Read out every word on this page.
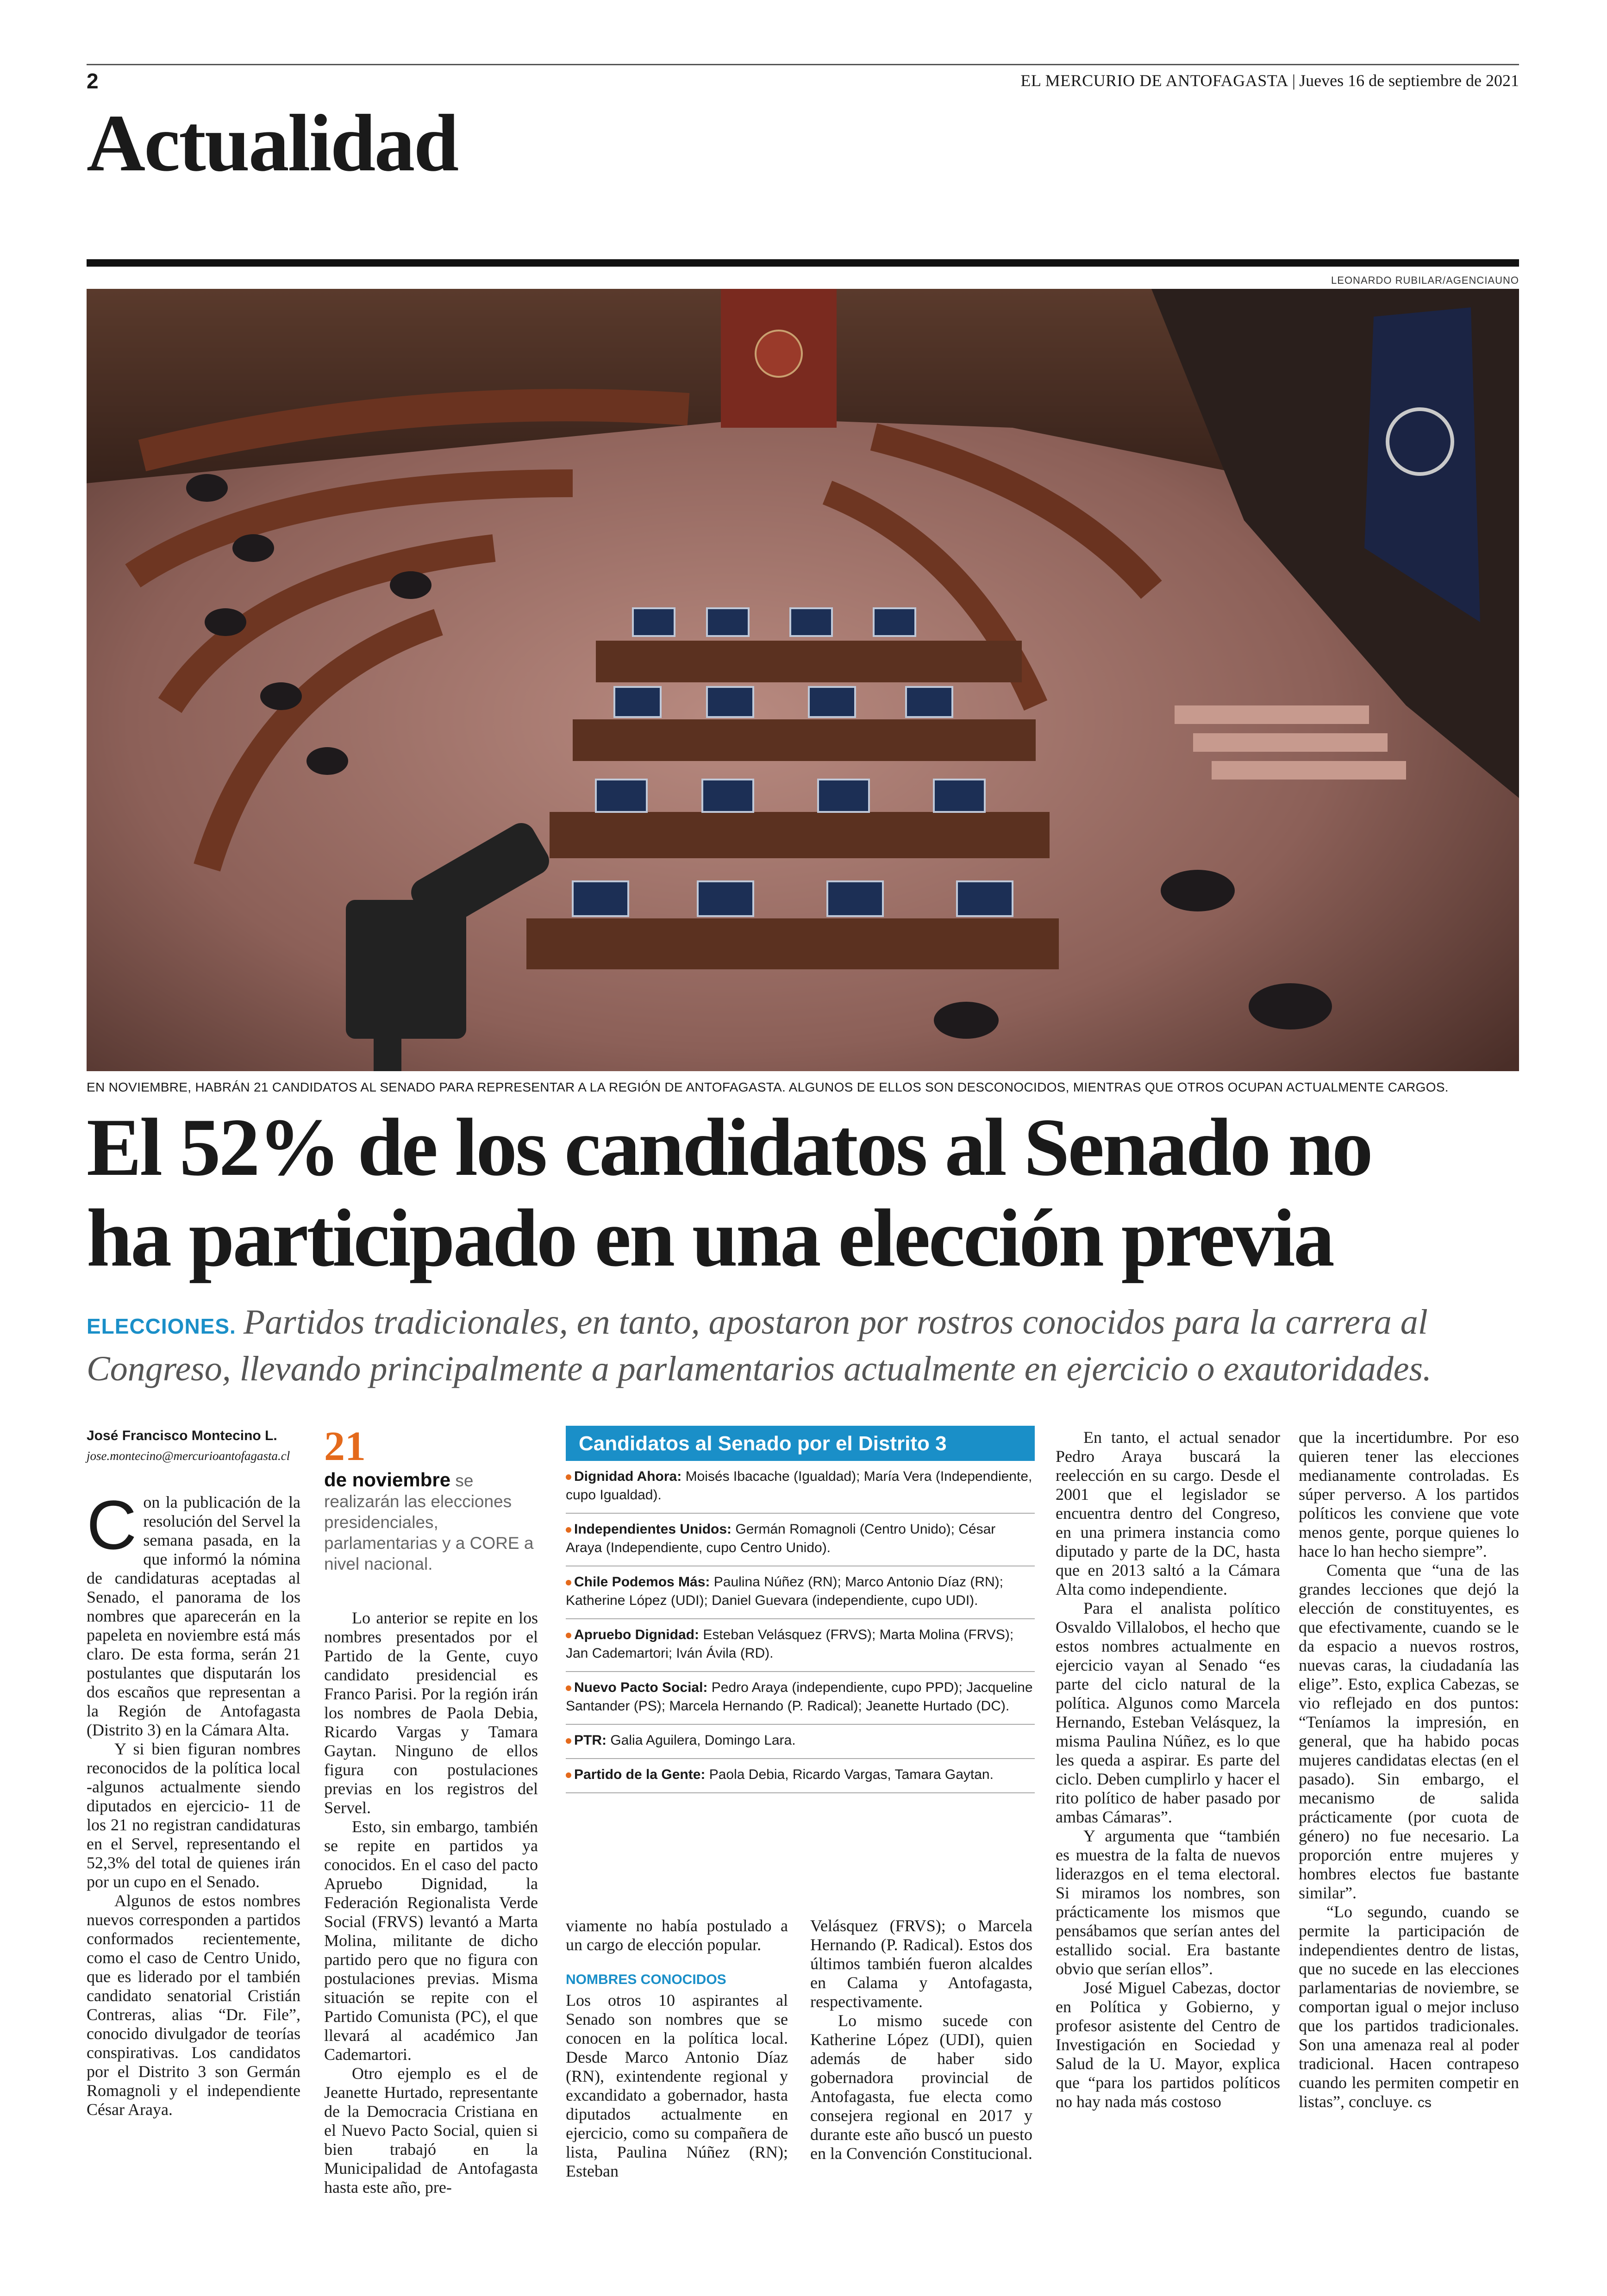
2	EL MERCURIO DE ANTOFAGASTA | Jueves 16 de septiembre de 2021
Actualidad
LEONARDO RUBILAR/AGENCIAUNO
EN NOVIEMBRE, HABRÁN 21 CANDIDATOS AL SENADO PARA REPRESENTAR A LA REGIÓN DE ANTOFAGASTA. ALGUNOS DE ELLOS SON DESCONOCIDOS, MIENTRAS QUE OTROS OCUPAN ACTUALMENTE CARGOS.
El 52% de los candidatos al Senado no
ha participado en una elección previa
ELECCIONES. Partidos tradicionales, en tanto, apostaron por rostros conocidos para la carrera al Congreso, llevando principalmente a parlamentarios actualmente en ejercicio o exautoridades.
José Francisco Montecino L.
jose.montecino@mercurioantofagasta.cl

Con la publicación de la resolución del Servel la semana pasada, en la que informó la nómina de candidaturas aceptadas al Senado, el panorama de los nombres que aparecerán en la papeleta en noviembre está más claro. De esta forma, serán 21 postulantes que disputarán los dos escaños que representan a la Región de Antofagasta (Distrito 3) en la Cámara Alta.

Y si bien figuran nombres reconocidos de la política local -algunos actualmente siendo diputados en ejercicio- 11 de los 21 no registran candidaturas en el Servel, representando el 52,3% del total de quienes irán por un cupo en el Senado.

Algunos de estos nombres nuevos corresponden a partidos conformados recientemente, como el caso de Centro Unido, que es liderado por el también candidato senatorial Cristián Contreras, alias “Dr. File”, conocido divulgador de teorías conspirativas. Los candidatos por el Distrito 3 son Germán Romagnoli y el independiente César Araya.

21
de noviembre se realizarán las elecciones presidenciales, parlamentarias y a CORE a nivel nacional.

Lo anterior se repite en los nombres presentados por el Partido de la Gente, cuyo candidato presidencial es Franco Parisi. Por la región irán los nombres de Paola Debia, Ricardo Vargas y Tamara Gaytan. Ninguno de ellos figura con postulaciones previas en los registros del Servel.

Esto, sin embargo, también se repite en partidos ya conocidos. En el caso del pacto Apruebo Dignidad, la Federación Regionalista Verde Social (FRVS) levantó a Marta Molina, militante de dicho partido pero que no figura con postulaciones previas. Misma situación se repite con el Partido Comunista (PC), el que llevará al académico Jan Cademartori.

Otro ejemplo es el de Jeanette Hurtado, representante de la Democracia Cristiana en el Nuevo Pacto Social, quien si bien trabajó en la Municipalidad de Antofagasta hasta este año, pre-

Candidatos al Senado por el Distrito 3
Dignidad Ahora: Moisés Ibacache (Igualdad); María Vera (Independiente, cupo Igualdad).
Independientes Unidos: Germán Romagnoli (Centro Unido); César Araya (Independiente, cupo Centro Unido).
Chile Podemos Más: Paulina Núñez (RN); Marco Antonio Díaz (RN); Katherine López (UDI); Daniel Guevara (independiente, cupo UDI).
Apruebo Dignidad: Esteban Velásquez (FRVS); Marta Molina (FRVS); Jan Cademartori; Iván Ávila (RD).
Nuevo Pacto Social: Pedro Araya (independiente, cupo PPD); Jacqueline Santander (PS); Marcela Hernando (P. Radical); Jeanette Hurtado (DC).
PTR: Galia Aguilera, Domingo Lara.
Partido de la Gente: Paola Debia, Ricardo Vargas, Tamara Gaytan.

viamente no había postulado a un cargo de elección popular.

NOMBRES CONOCIDOS

Los otros 10 aspirantes al Senado son nombres que se conocen en la política local. Desde Marco Antonio Díaz (RN), exintendente regional y excandidato a gobernador, hasta diputados actualmente en ejercicio, como su compañera de lista, Paulina Núñez (RN); Esteban

Velásquez (FRVS); o Marcela Hernando (P. Radical). Estos dos últimos también fueron alcaldes en Calama y Antofagasta, respectivamente.

Lo mismo sucede con Katherine López (UDI), quien además de haber sido gobernadora provincial de Antofagasta, fue electa como consejera regional en 2017 y durante este año buscó un puesto en la Convención Constitucional.

En tanto, el actual senador Pedro Araya buscará la reelección en su cargo. Desde el 2001 que el legislador se encuentra dentro del Congreso, en una primera instancia como diputado y parte de la DC, hasta que en 2013 saltó a la Cámara Alta como independiente.

Para el analista político Osvaldo Villalobos, el hecho que estos nombres actualmente en ejercicio vayan al Senado “es parte del ciclo natural de la política. Algunos como Marcela Hernando, Esteban Velásquez, la misma Paulina Núñez, es lo que les queda a aspirar. Es parte del ciclo. Deben cumplirlo y hacer el rito político de haber pasado por ambas Cámaras”.

Y argumenta que “también es muestra de la falta de nuevos liderazgos en el tema electoral. Si miramos los nombres, son prácticamente los mismos que pensábamos que serían antes del estallido social. Era bastante obvio que serían ellos”.

José Miguel Cabezas, doctor en Política y Gobierno, y profesor asistente del Centro de Investigación en Sociedad y Salud de la U. Mayor, explica que “para los partidos políticos no hay nada más costoso

que la incertidumbre. Por eso quieren tener las elecciones medianamente controladas. Es súper perverso. A los partidos políticos les conviene que vote menos gente, porque quienes lo hace lo han hecho siempre”.

Comenta que “una de las grandes lecciones que dejó la elección de constituyentes, es que efectivamente, cuando se le da espacio a nuevos rostros, nuevas caras, la ciudadanía las elige”. Esto, explica Cabezas, se vio reflejado en dos puntos: “Teníamos la impresión, en general, que ha habido pocas mujeres candidatas electas (en el pasado). Sin embargo, el mecanismo de salida prácticamente (por cuota de género) no fue necesario. La proporción entre mujeres y hombres electos fue bastante similar”.

“Lo segundo, cuando se permite la participación de independientes dentro de listas, que no sucede en las elecciones parlamentarias de noviembre, se comportan igual o mejor incluso que los partidos tradicionales. Son una amenaza real al poder tradicional. Hacen contrapeso cuando les permiten competir en listas”, concluye. cs
